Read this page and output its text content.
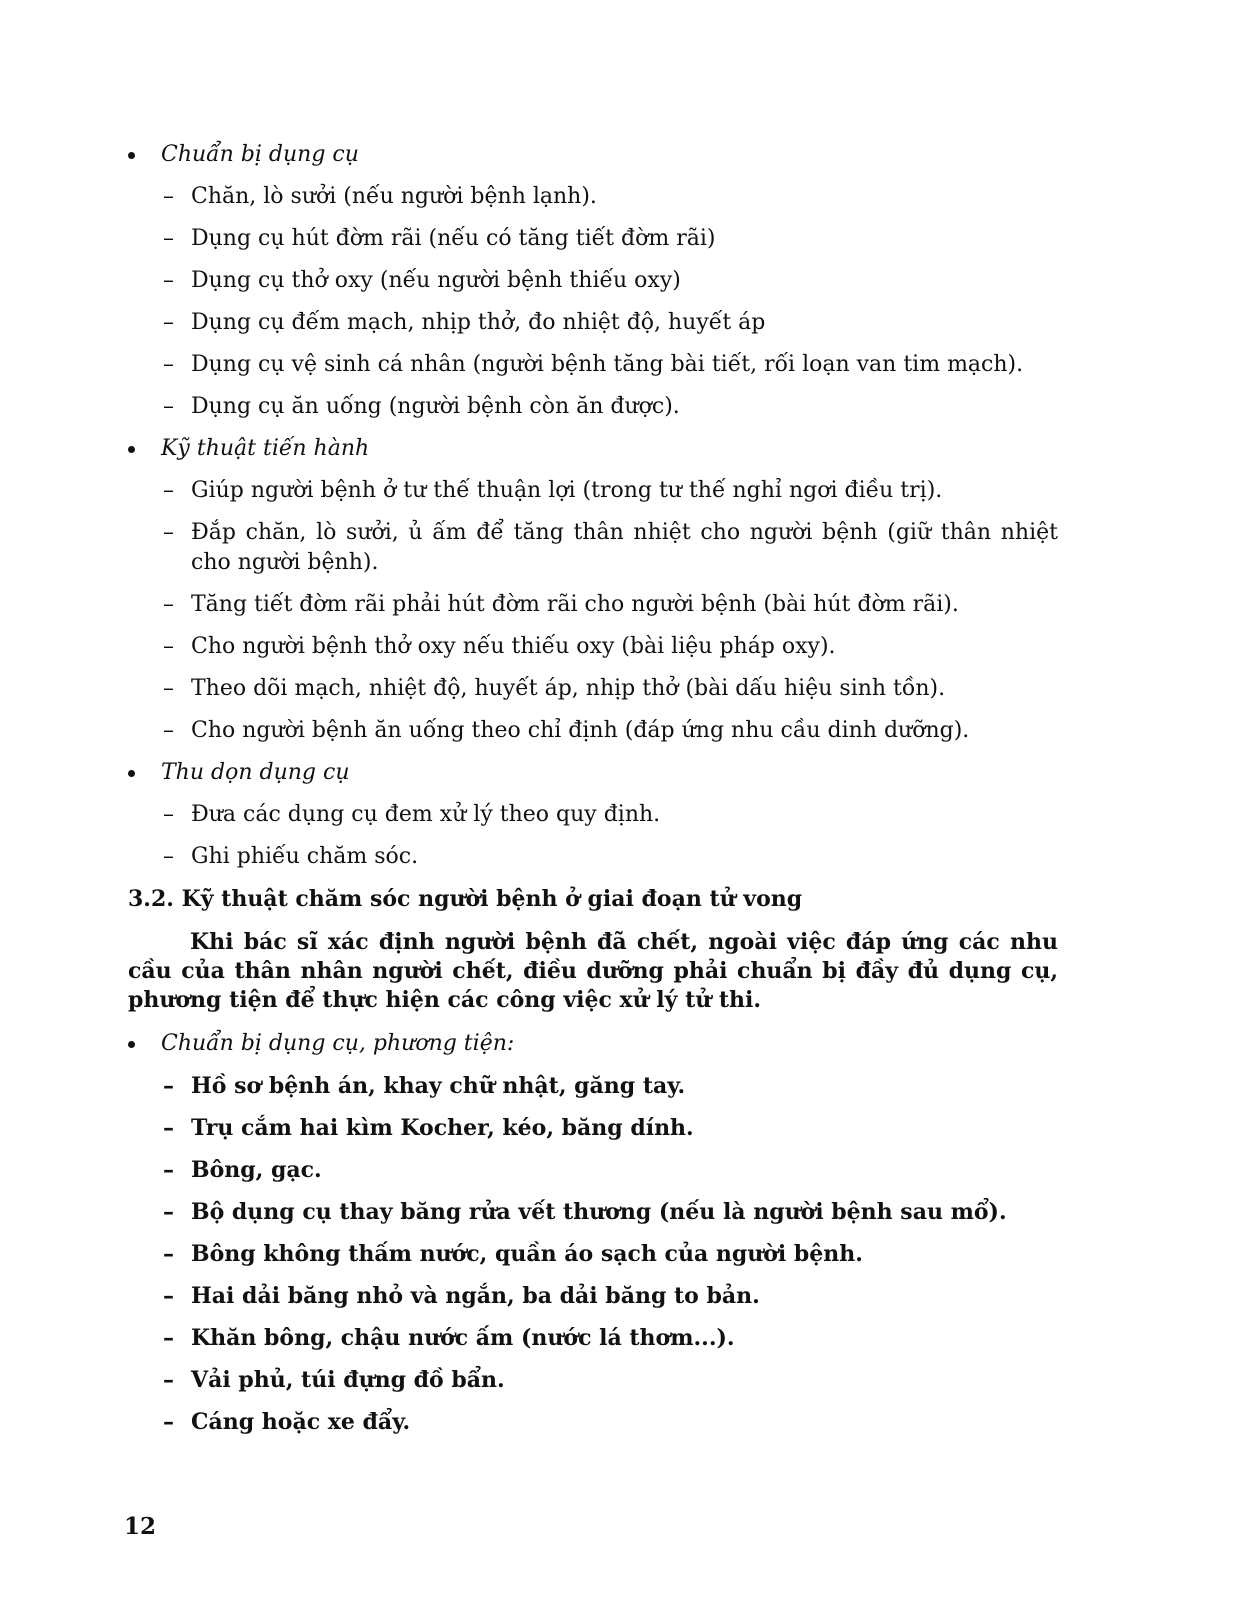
Chuẩn bị dụng cụ
– Chăn, lò sưởi (nếu người bệnh lạnh).
– Dụng cụ hút đờm rãi (nếu có tăng tiết đờm rãi)
– Dụng cụ thở oxy (nếu người bệnh thiếu oxy)
– Dụng cụ đếm mạch, nhịp thở, đo nhiệt độ, huyết áp
– Dụng cụ vệ sinh cá nhân (người bệnh tăng bài tiết, rối loạn van tim mạch).
– Dụng cụ ăn uống (người bệnh còn ăn được).
Kỹ thuật tiến hành
– Giúp người bệnh ở tư thế thuận lợi (trong tư thế nghỉ ngơi điều trị).
– Đắp chăn, lò sưởi, ủ ấm để tăng thân nhiệt cho người bệnh (giữ thân nhiệt cho người bệnh).
– Tăng tiết đờm rãi phải hút đờm rãi cho người bệnh (bài hút đờm rãi).
– Cho người bệnh thở oxy nếu thiếu oxy (bài liệu pháp oxy).
– Theo dõi mạch, nhiệt độ, huyết áp, nhịp thở (bài dấu hiệu sinh tồn).
– Cho người bệnh ăn uống theo chỉ định (đáp ứng nhu cầu dinh dưỡng).
Thu dọn dụng cụ
– Đưa các dụng cụ đem xử lý theo quy định.
– Ghi phiếu chăm sóc.
3.2. Kỹ thuật chăm sóc người bệnh ở giai đoạn tử vong
Khi bác sĩ xác định người bệnh đã chết, ngoài việc đáp ứng các nhu cầu của thân nhân người chết, điều dưỡng phải chuẩn bị đầy đủ dụng cụ, phương tiện để thực hiện các công việc xử lý tử thi.
Chuẩn bị dụng cụ, phương tiện:
– Hồ sơ bệnh án, khay chữ nhật, găng tay.
– Trụ cắm hai kìm Kocher, kéo, băng dính.
– Bông, gạc.
– Bộ dụng cụ thay băng rửa vết thương (nếu là người bệnh sau mổ).
– Bông không thấm nước, quần áo sạch của người bệnh.
– Hai dải băng nhỏ và ngắn, ba dải băng to bản.
– Khăn bông, chậu nước ấm (nước lá thơm...).
– Vải phủ, túi đựng đồ bẩn.
– Cáng hoặc xe đẩy.
12
